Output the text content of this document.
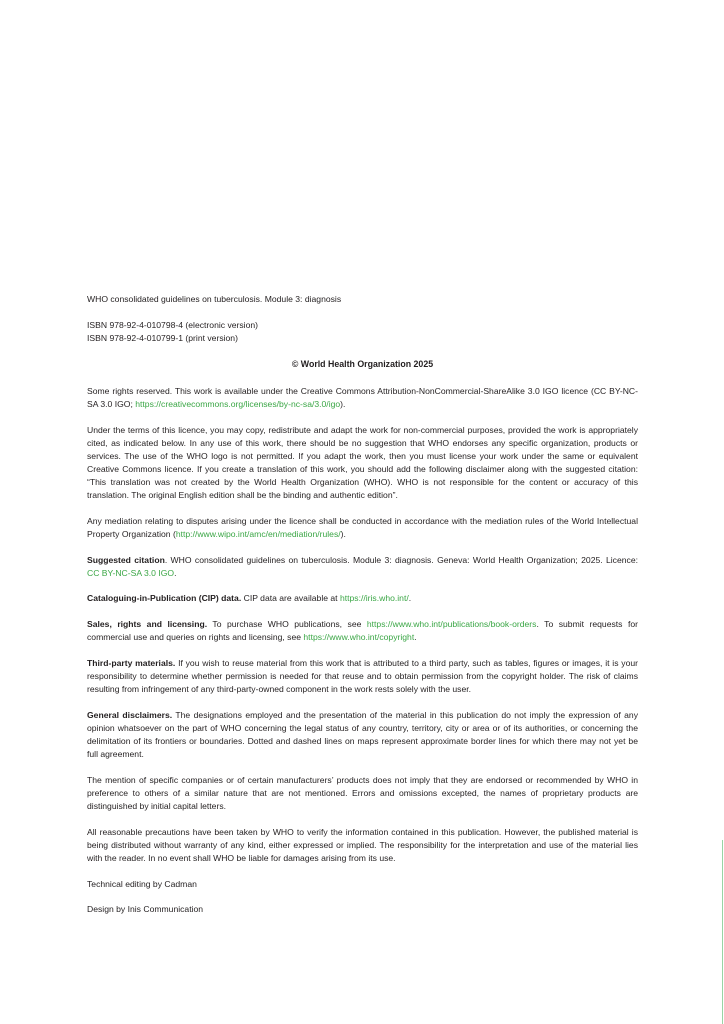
WHO consolidated guidelines on tuberculosis. Module 3: diagnosis

ISBN 978-92-4-010798-4 (electronic version)

ISBN 978-92-4-010799-1 (print version)

© World Health Organization 2025

Some rights reserved. This work is available under the Creative Commons Attribution-NonCommercial-ShareAlike 3.0 IGO licence (CC BY-NC-SA 3.0 IGO; https://creativecommons.org/licenses/by-nc-sa/3.0/igo).

Under the terms of this licence, you may copy, redistribute and adapt the work for non-commercial purposes, provided the work is appropriately cited, as indicated below. In any use of this work, there should be no suggestion that WHO endorses any specific organization, products or services. The use of the WHO logo is not permitted. If you adapt the work, then you must license your work under the same or equivalent Creative Commons licence. If you create a translation of this work, you should add the following disclaimer along with the suggested citation: “This translation was not created by the World Health Organization (WHO). WHO is not responsible for the content or accuracy of this translation. The original English edition shall be the binding and authentic edition”.

Any mediation relating to disputes arising under the licence shall be conducted in accordance with the mediation rules of the World Intellectual Property Organization (http://www.wipo.int/amc/en/mediation/rules/).

Suggested citation. WHO consolidated guidelines on tuberculosis. Module 3: diagnosis. Geneva: World Health Organization; 2025. Licence: CC BY-NC-SA 3.0 IGO.

Cataloguing-in-Publication (CIP) data. CIP data are available at https://iris.who.int/.

Sales, rights and licensing. To purchase WHO publications, see https://www.who.int/publications/book-orders. To submit requests for commercial use and queries on rights and licensing, see https://www.who.int/copyright.

Third-party materials. If you wish to reuse material from this work that is attributed to a third party, such as tables, figures or images, it is your responsibility to determine whether permission is needed for that reuse and to obtain permission from the copyright holder. The risk of claims resulting from infringement of any third-party-owned component in the work rests solely with the user.

General disclaimers. The designations employed and the presentation of the material in this publication do not imply the expression of any opinion whatsoever on the part of WHO concerning the legal status of any country, territory, city or area or of its authorities, or concerning the delimitation of its frontiers or boundaries. Dotted and dashed lines on maps represent approximate border lines for which there may not yet be full agreement.

The mention of specific companies or of certain manufacturers’ products does not imply that they are endorsed or recommended by WHO in preference to others of a similar nature that are not mentioned. Errors and omissions excepted, the names of proprietary products are distinguished by initial capital letters.

All reasonable precautions have been taken by WHO to verify the information contained in this publication. However, the published material is being distributed without warranty of any kind, either expressed or implied. The responsibility for the interpretation and use of the material lies with the reader. In no event shall WHO be liable for damages arising from its use.

Technical editing by Cadman

Design by Inis Communication
